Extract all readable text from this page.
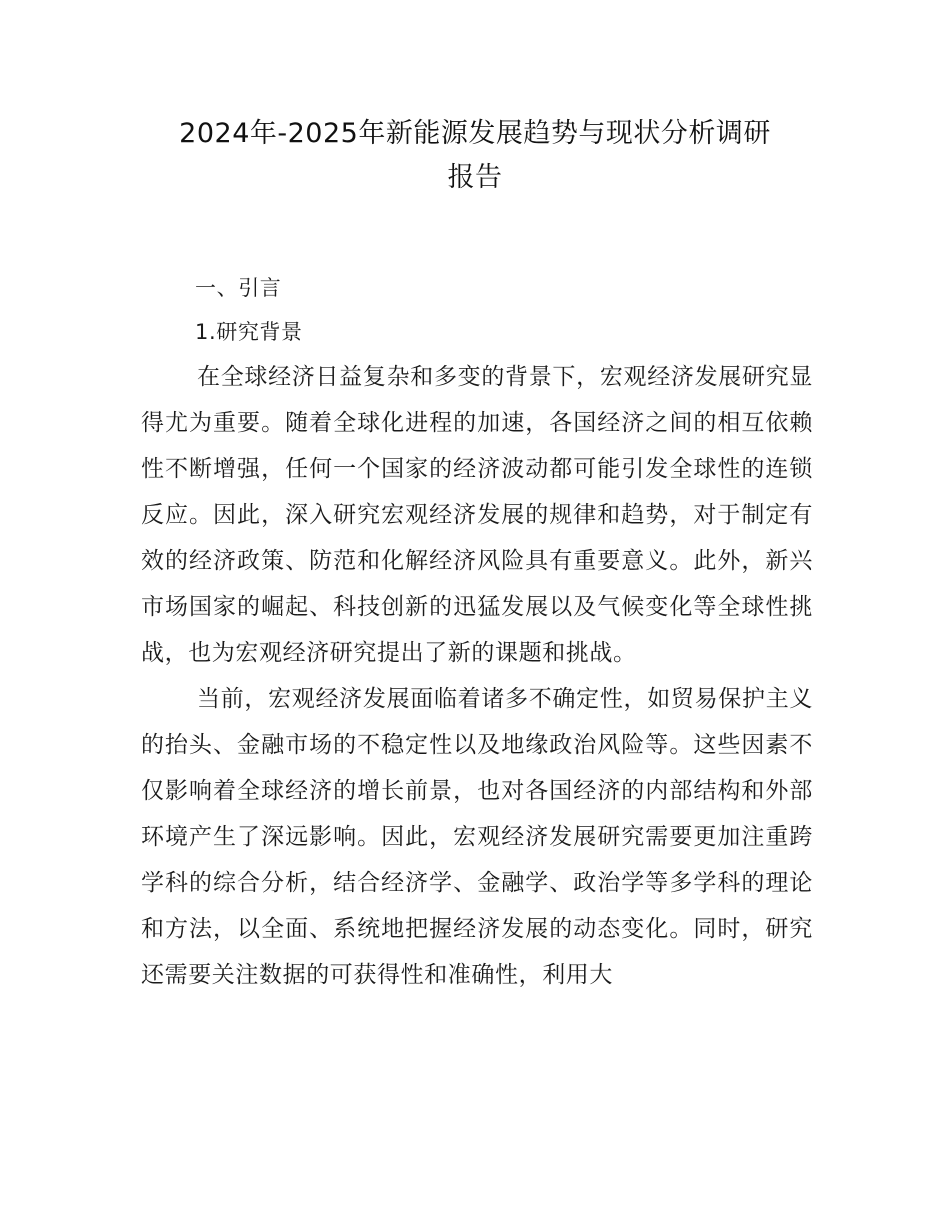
2024年-2025年新能源发展趋势与现状分析调研
报告
一、引言
1.研究背景

在全球经济日益复杂和多变的背景下，宏观经济发展研究显得尤为重要。随着全球化进程的加速，各国经济之间的相互依赖性不断增强，任何一个国家的经济波动都可能引发全球性的连锁反应。因此，深入研究宏观经济发展的规律和趋势，对于制定有效的经济政策、防范和化解经济风险具有重要意义。此外，新兴市场国家的崛起、科技创新的迅猛发展以及气候变化等全球性挑战，也为宏观经济研究提出了新的课题和挑战。

当前，宏观经济发展面临着诸多不确定性，如贸易保护主义的抬头、金融市场的不稳定性以及地缘政治风险等。这些因素不仅影响着全球经济的增长前景，也对各国经济的内部结构和外部环境产生了深远影响。因此，宏观经济发展研究需要更加注重跨学科的综合分析，结合经济学、金融学、政治学等多学科的理论和方法，以全面、系统地把握经济发展的动态变化。同时，研究还需要关注数据的可获得性和准确性，利用大
